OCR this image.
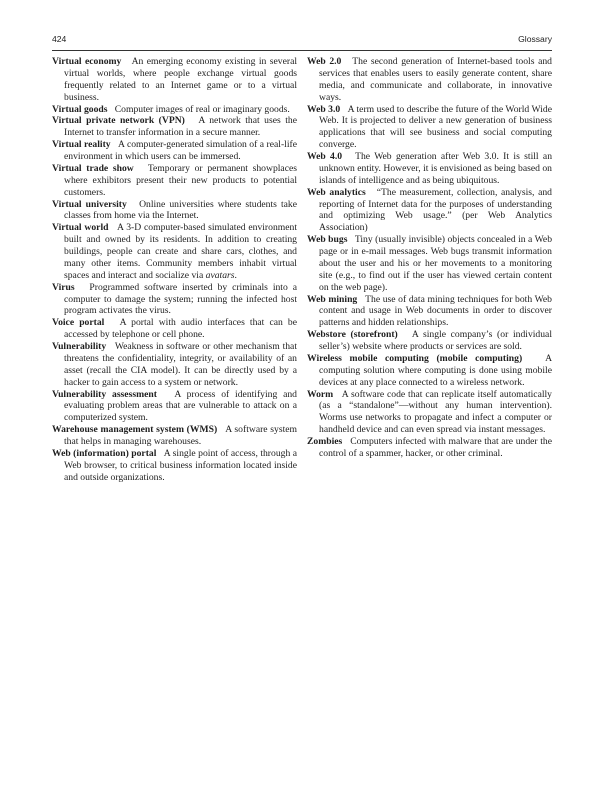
424	Glossary

Virtual economy An emerging economy existing in several virtual worlds, where people exchange virtual goods frequently related to an Internet game or to a virtual business.

Virtual goods Computer images of real or imaginary goods.

Virtual private network (VPN) A network that uses the Internet to transfer information in a secure manner.

Virtual reality A computer-generated simulation of a real-life environment in which users can be immersed.

Virtual trade show Temporary or permanent showplaces where exhibitors present their new products to potential customers.

Virtual university Online universities where students take classes from home via the Internet.

Virtual world A 3-D computer-based simulated environment built and owned by its residents. In addition to creating buildings, people can create and share cars, clothes, and many other items. Community members inhabit virtual spaces and interact and socialize via avatars.

Virus Programmed software inserted by criminals into a computer to damage the system; running the infected host program activates the virus.

Voice portal A portal with audio interfaces that can be accessed by telephone or cell phone.

Vulnerability Weakness in software or other mechanism that threatens the confidentiality, integrity, or availability of an asset (recall the CIA model). It can be directly used by a hacker to gain access to a system or network.

Vulnerability assessment A process of identifying and evaluating problem areas that are vulnerable to attack on a computerized system.

Warehouse management system (WMS) A software system that helps in managing warehouses.

Web (information) portal A single point of access, through a Web browser, to critical business information located inside and outside organizations.

Web 2.0 The second generation of Internet-based tools and services that enables users to easily generate content, share media, and communicate and collaborate, in innovative ways.

Web 3.0 A term used to describe the future of the World Wide Web. It is projected to deliver a new generation of business applications that will see business and social computing converge.

Web 4.0 The Web generation after Web 3.0. It is still an unknown entity. However, it is envisioned as being based on islands of intelligence and as being ubiquitous.

Web analytics “The measurement, collection, analysis, and reporting of Internet data for the purposes of understanding and optimizing Web usage.” (per Web Analytics Association)

Web bugs Tiny (usually invisible) objects concealed in a Web page or in e-mail messages. Web bugs transmit information about the user and his or her movements to a monitoring site (e.g., to find out if the user has viewed certain content on the web page).

Web mining The use of data mining techniques for both Web content and usage in Web documents in order to discover patterns and hidden relationships.

Webstore (storefront) A single company’s (or individual seller’s) website where products or services are sold.

Wireless mobile computing (mobile computing) A computing solution where computing is done using mobile devices at any place connected to a wireless network.

Worm A software code that can replicate itself automatically (as a “standalone”—without any human intervention). Worms use networks to propagate and infect a computer or handheld device and can even spread via instant messages.

Zombies Computers infected with malware that are under the control of a spammer, hacker, or other criminal.
